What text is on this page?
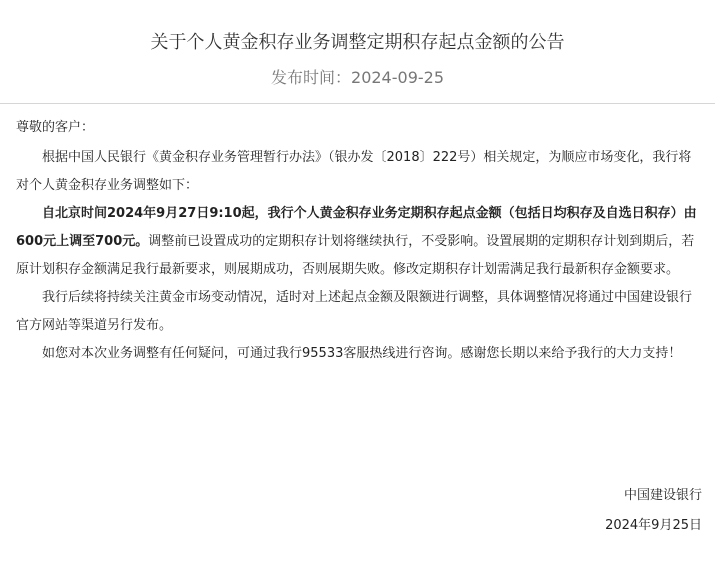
关于个人黄金积存业务调整定期积存起点金额的公告
发布时间：2024-09-25

尊敬的客户：

根据中国人民银行《黄金积存业务管理暂行办法》（银办发〔2018〕222号）相关规定，为顺应市场变化，我行将对个人黄金积存业务调整如下：

自北京时间2024年9月27日9:10起，我行个人黄金积存业务定期积存起点金额（包括日均积存及自选日积存）由600元上调至700元。调整前已设置成功的定期积存计划将继续执行，不受影响。设置展期的定期积存计划到期后，若原计划积存金额满足我行最新要求，则展期成功，否则展期失败。修改定期积存计划需满足我行最新积存金额要求。

我行后续将持续关注黄金市场变动情况，适时对上述起点金额及限额进行调整，具体调整情况将通过中国建设银行官方网站等渠道另行发布。

如您对本次业务调整有任何疑问，可通过我行95533客服热线进行咨询。感谢您长期以来给予我行的大力支持！

中国建设银行
2024年9月25日
